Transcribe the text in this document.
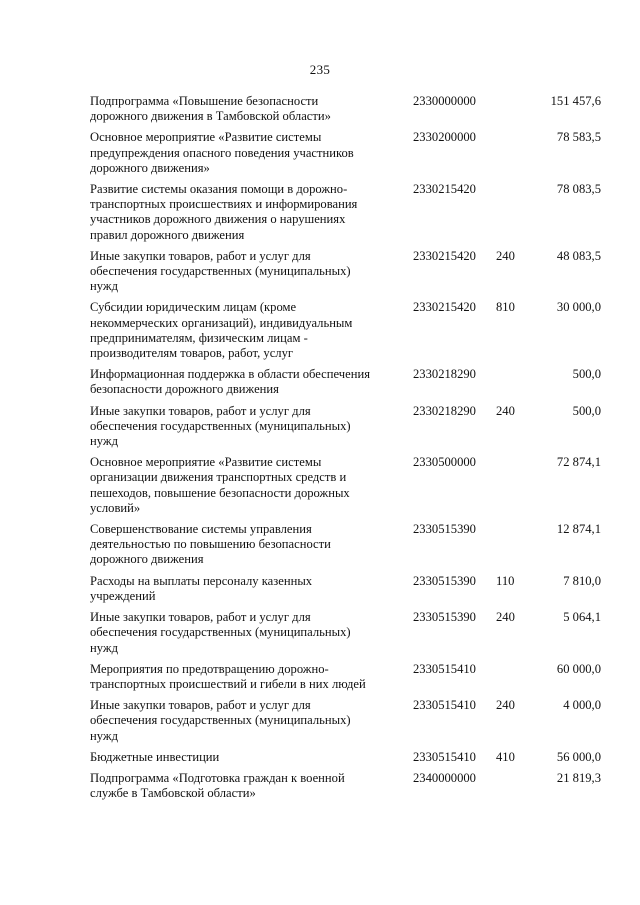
235
Подпрограмма «Повышение безопасности дорожного движения в Тамбовской области»
2330000000	151 457,6
Основное мероприятие «Развитие системы предупреждения опасного поведения участников дорожного движения»
2330200000	78 583,5
Развитие системы оказания помощи в дорожно-транспортных происшествиях и информирования участников дорожного движения о нарушениях правил дорожного движения
2330215420	78 083,5
Иные закупки товаров, работ и услуг для обеспечения государственных (муниципальных) нужд
2330215420 240	48 083,5
Субсидии юридическим лицам (кроме некоммерческих организаций), индивидуальным предпринимателям, физическим лицам - производителям товаров, работ, услуг
2330215420 810	30 000,0
Информационная поддержка в области обеспечения безопасности дорожного движения
2330218290	500,0
Иные закупки товаров, работ и услуг для обеспечения государственных (муниципальных) нужд
2330218290 240	500,0
Основное мероприятие «Развитие системы организации движения транспортных средств и пешеходов, повышение безопасности дорожных условий»
2330500000	72 874,1
Совершенствование системы управления деятельностью по повышению безопасности дорожного движения
2330515390	12 874,1
Расходы на выплаты персоналу казенных учреждений
2330515390 110	7 810,0
Иные закупки товаров, работ и услуг для обеспечения государственных (муниципальных) нужд
2330515390 240	5 064,1
Мероприятия по предотвращению дорожно-транспортных происшествий и гибели в них людей
2330515410	60 000,0
Иные закупки товаров, работ и услуг для обеспечения государственных (муниципальных) нужд
2330515410 240	4 000,0
Бюджетные инвестиции	2330515410 410	56 000,0
Подпрограмма «Подготовка граждан к военной службе в Тамбовской области»
2340000000	21 819,3
